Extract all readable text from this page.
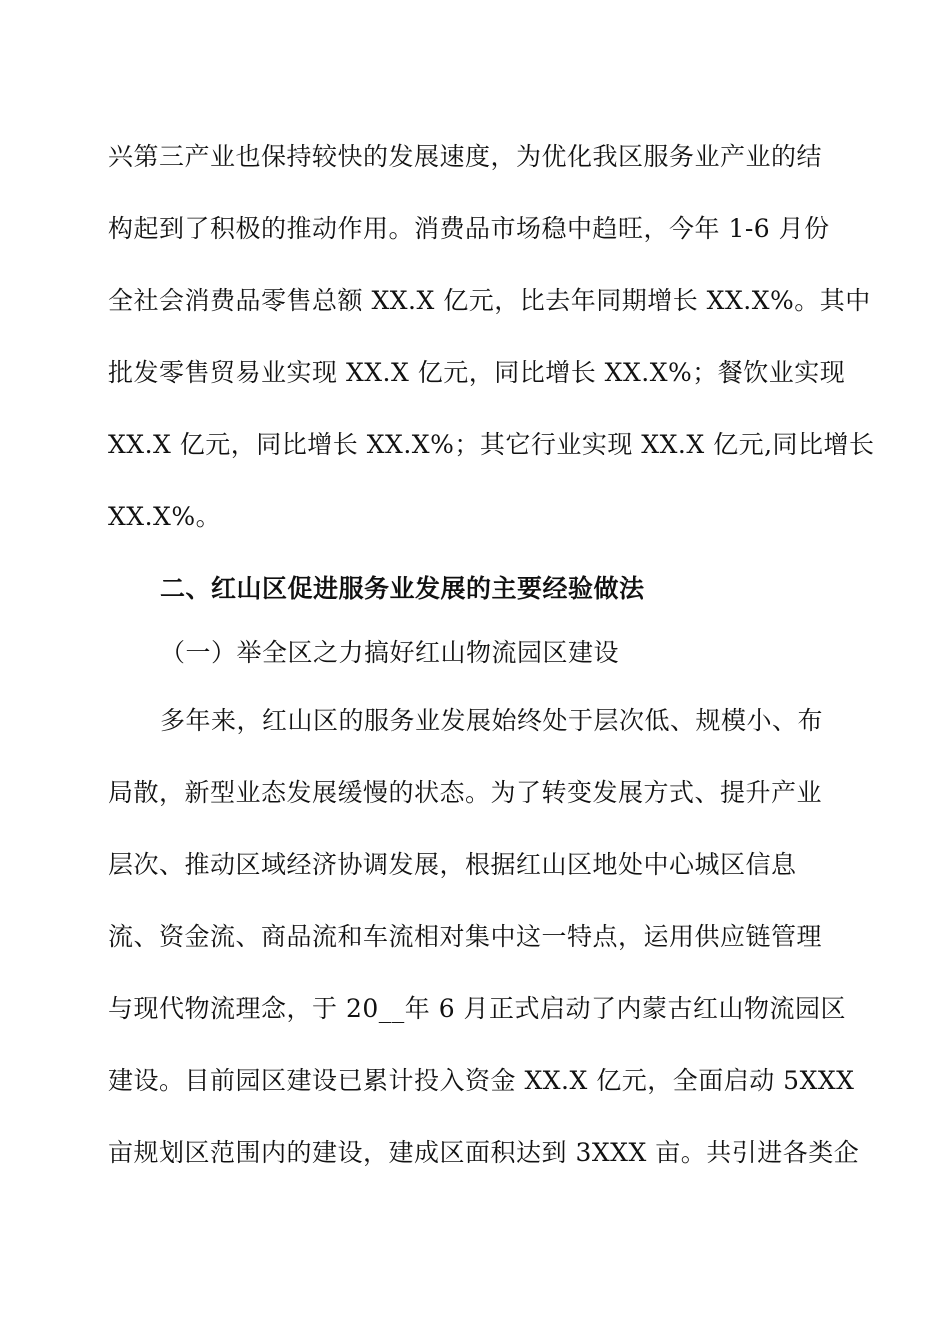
兴第三产业也保持较快的发展速度，为优化我区服务业产业的结
构起到了积极的推动作用。消费品市场稳中趋旺，今年 1-6 月份
全社会消费品零售总额 XX.X 亿元，比去年同期增长 XX.X%。其中
批发零售贸易业实现 XX.X 亿元，同比增长 XX.X%；餐饮业实现
XX.X 亿元，同比增长 XX.X%；其它行业实现 XX.X 亿元,同比增长
XX.X%。
二、红山区促进服务业发展的主要经验做法
（一）举全区之力搞好红山物流园区建设
多年来，红山区的服务业发展始终处于层次低、规模小、布
局散，新型业态发展缓慢的状态。为了转变发展方式、提升产业
层次、推动区域经济协调发展，根据红山区地处中心城区信息
流、资金流、商品流和车流相对集中这一特点，运用供应链管理
与现代物流理念，于 20__年 6 月正式启动了内蒙古红山物流园区
建设。目前园区建设已累计投入资金 XX.X 亿元，全面启动 5XXX
亩规划区范围内的建设，建成区面积达到 3XXX 亩。共引进各类企
